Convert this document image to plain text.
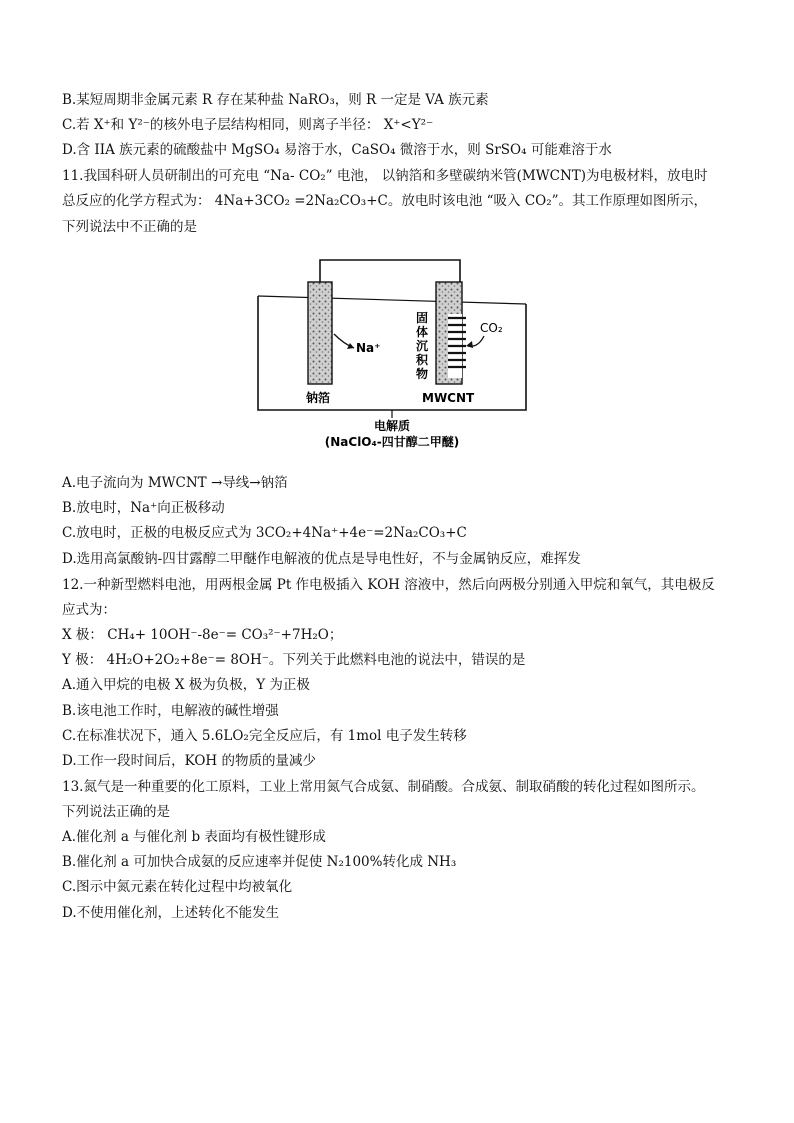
B.某短周期非金属元素 R 存在某种盐 NaRO₃，则 R 一定是 VA 族元素
C.若 X⁺和 Y²⁻的核外电子层结构相同，则离子半径： X⁺<Y²⁻
D.含 IIA 族元素的硫酸盐中 MgSO₄ 易溶于水，CaSO₄ 微溶于水，则 SrSO₄ 可能难溶于水
11.我国科研人员研制出的可充电 “Na- CO₂” 电池， 以钠箔和多壁碳纳米管(MWCNT)为电极材料，放电时
总反应的化学方程式为： 4Na+3CO₂ =2Na₂CO₃+C。放电时该电池 “吸入 CO₂”。其工作原理如图所示，
下列说法中不正确的是
Na⁺
CO₂
固
体
沉
积
物
钠箔	MWCNT
电解质
(NaClO₄-四甘醇二甲醚)
A.电子流向为 MWCNT →导线→钠箔
B.放电时，Na⁺向正极移动
C.放电时，正极的电极反应式为 3CO₂+4Na⁺+4e⁻=2Na₂CO₃+C
D.选用高氯酸钠-四甘露醇二甲醚作电解液的优点是导电性好，不与金属钠反应，难挥发
12.一种新型燃料电池，用两根金属 Pt 作电极插入 KOH 溶液中，然后向两极分别通入甲烷和氧气，其电极反
应式为：
X 极： CH₄+ 10OH⁻-8e⁻= CO₃²⁻+7H₂O；
Y 极： 4H₂O+2O₂+8e⁻= 8OH⁻。下列关于此燃料电池的说法中，错误的是
A.通入甲烷的电极 X 极为负极，Y 为正极
B.该电池工作时，电解液的碱性增强
C.在标准状况下，通入 5.6LO₂完全反应后，有 1mol 电子发生转移
D.工作一段时间后，KOH 的物质的量减少
13.氮气是一种重要的化工原料，工业上常用氮气合成氨、制硝酸。合成氨、制取硝酸的转化过程如图所示。
下列说法正确的是
A.催化剂 a 与催化剂 b 表面均有极性键形成
B.催化剂 a 可加快合成氨的反应速率并促使 N₂100%转化成 NH₃
C.图示中氮元素在转化过程中均被氧化
D.不使用催化剂，上述转化不能发生
